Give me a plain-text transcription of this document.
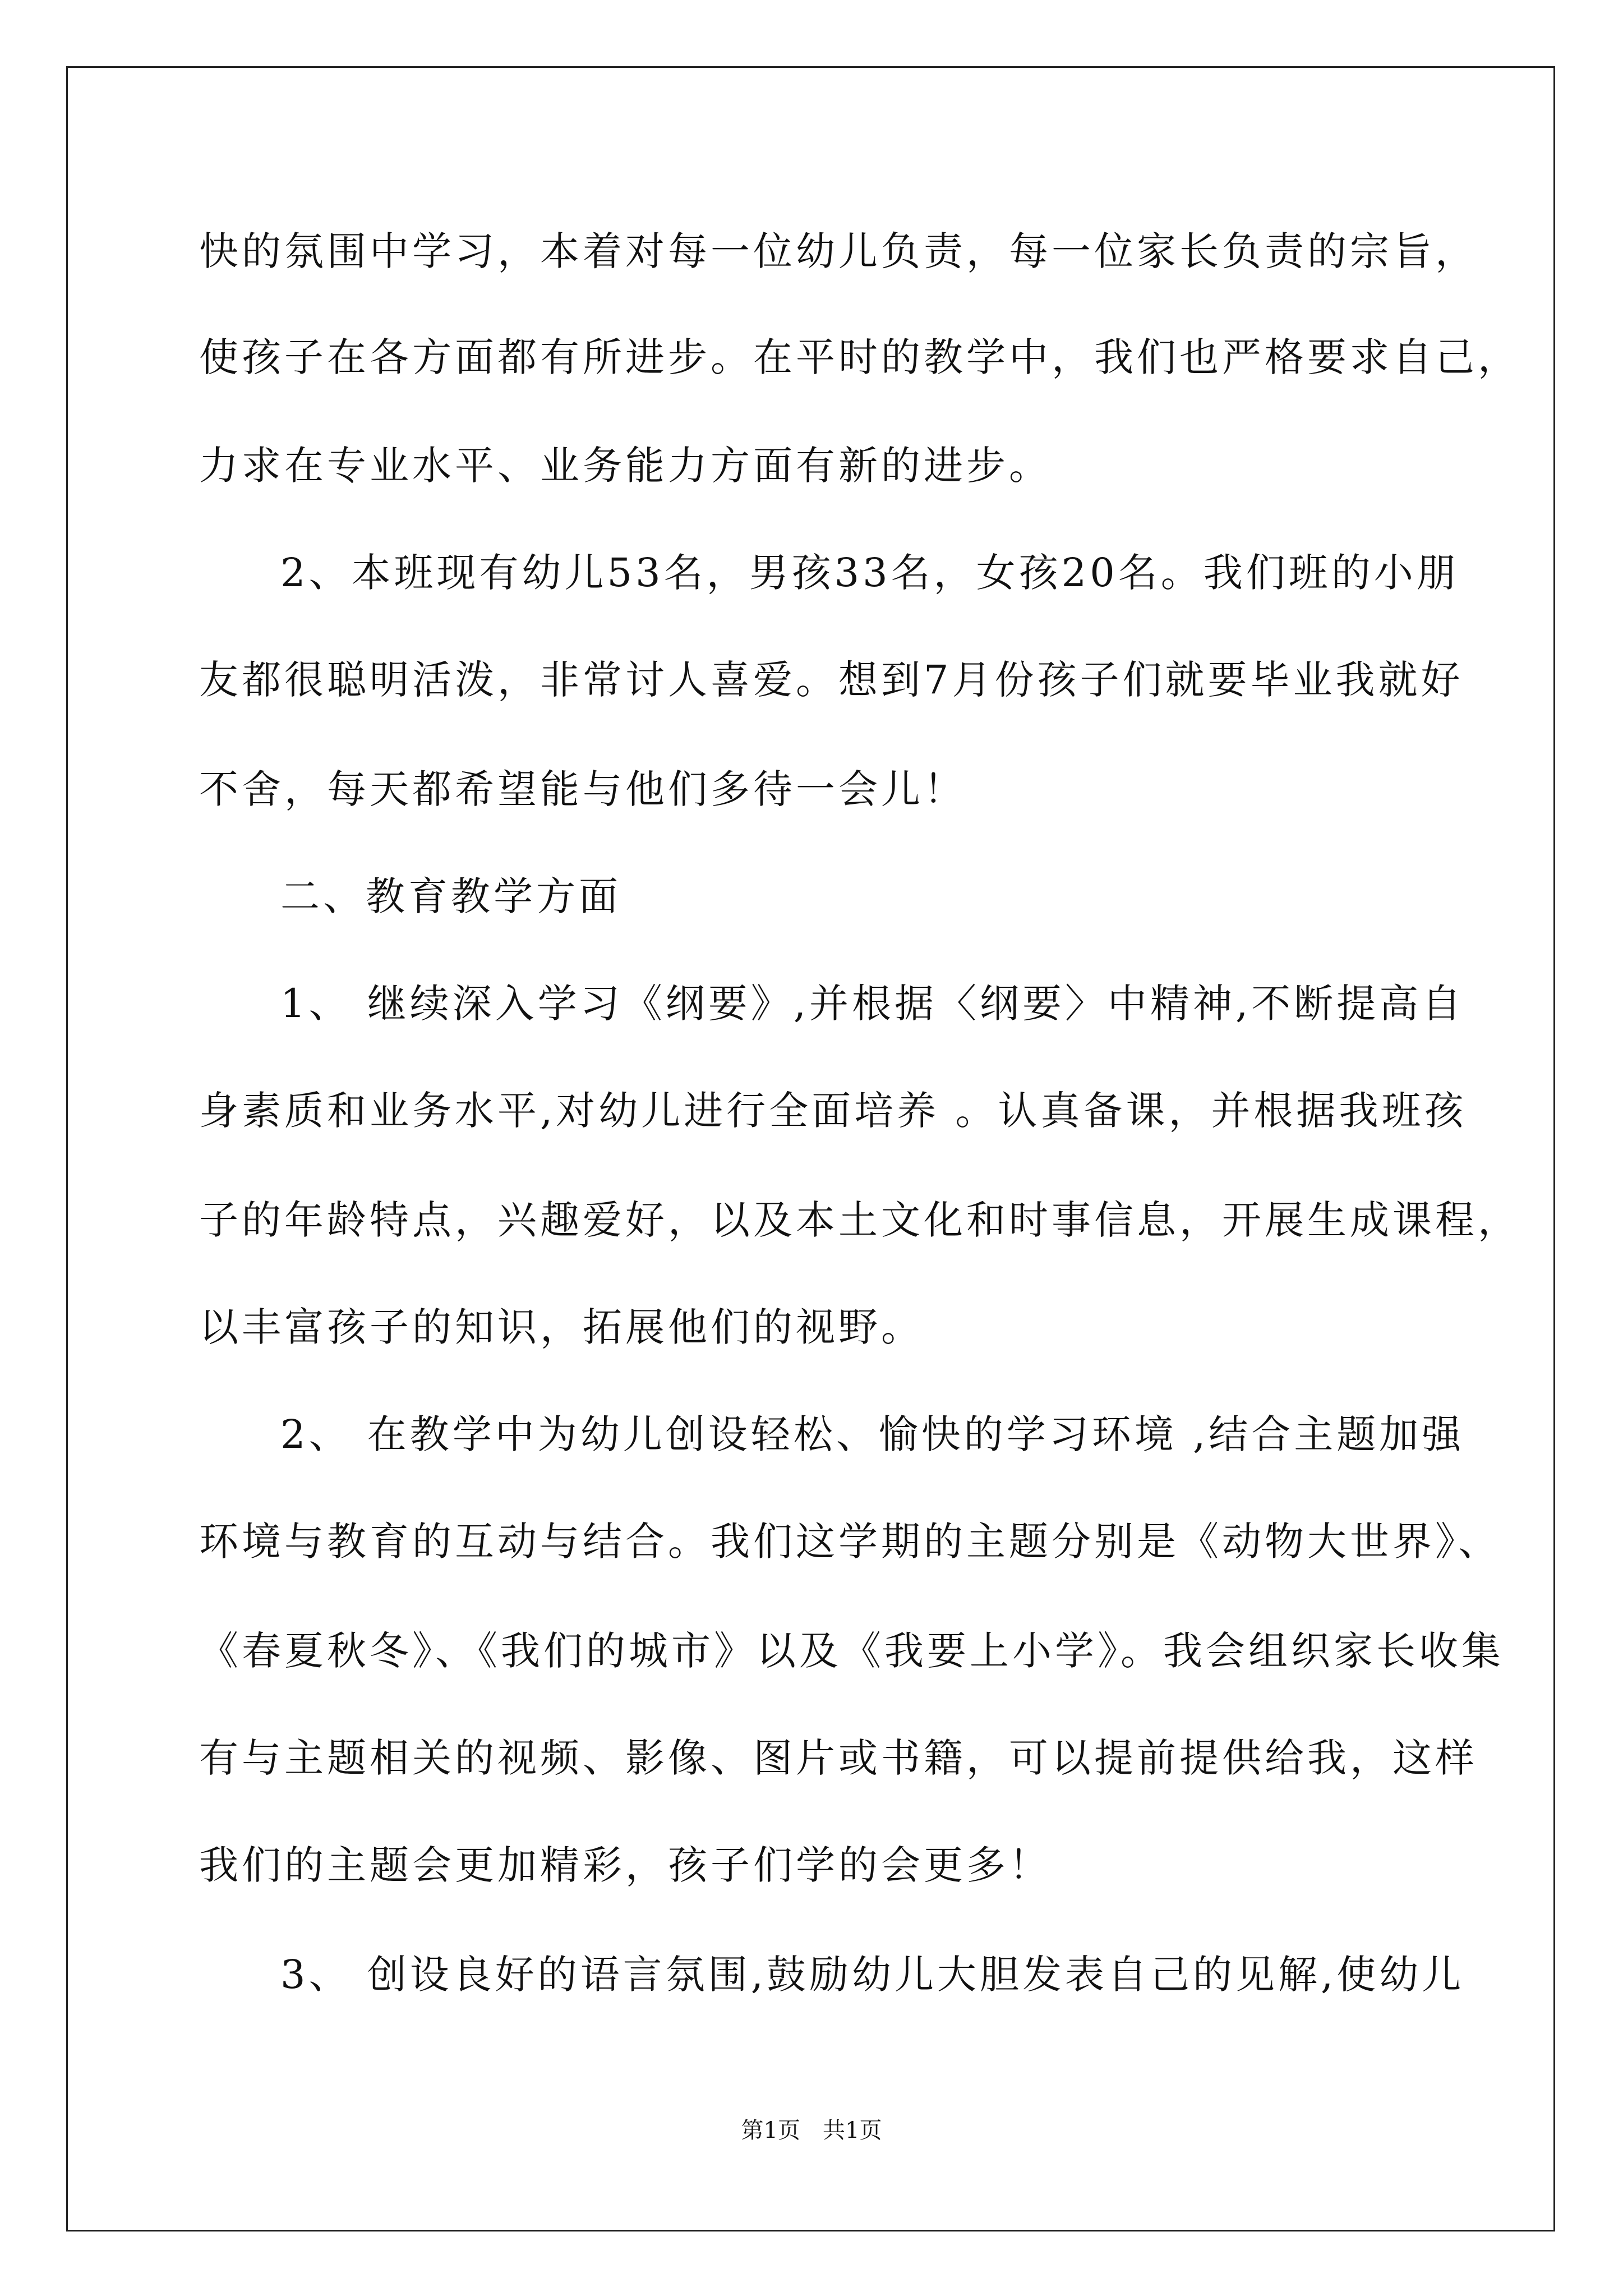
快的氛围中学习，本着对每一位幼儿负责，每一位家长负责的宗旨，
使孩子在各方面都有所进步。在平时的教学中，我们也严格要求自己，
力求在专业水平、业务能力方面有新的进步。
2、本班现有幼儿53名，男孩33名，女孩20名。我们班的小朋
友都很聪明活泼，非常讨人喜爱。想到7月份孩子们就要毕业我就好
不舍，每天都希望能与他们多待一会儿！
二、教育教学方面
1、 继续深入学习《纲要》,并根据〈纲要〉中精神,不断提高自
身素质和业务水平,对幼儿进行全面培养 。认真备课，并根据我班孩
子的年龄特点，兴趣爱好，以及本土文化和时事信息，开展生成课程，
以丰富孩子的知识，拓展他们的视野。
2、 在教学中为幼儿创设轻松、愉快的学习环境 ,结合主题加强
环境与教育的互动与结合。我们这学期的主题分别是《动物大世界》、
《春夏秋冬》、《我们的城市》以及《我要上小学》。我会组织家长收集
有与主题相关的视频、影像、图片或书籍，可以提前提供给我，这样
我们的主题会更加精彩，孩子们学的会更多！
3、 创设良好的语言氛围,鼓励幼儿大胆发表自己的见解,使幼儿
第1页　共1页
